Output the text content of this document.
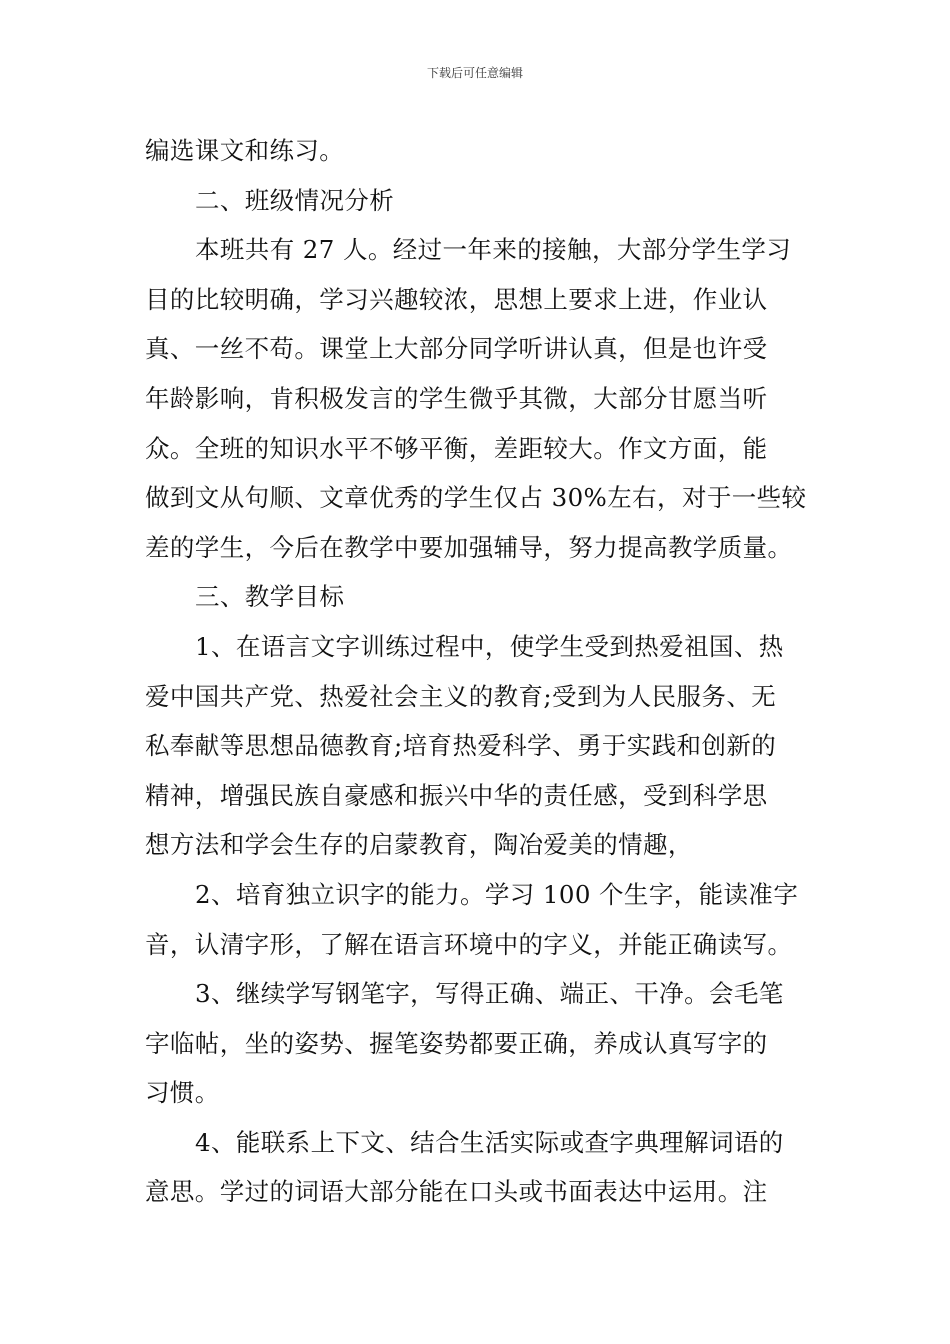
下载后可任意编辑
编选课文和练习。
二、班级情况分析
本班共有 27 人。经过一年来的接触，大部分学生学习
目的比较明确，学习兴趣较浓，思想上要求上进，作业认
真、一丝不苟。课堂上大部分同学听讲认真，但是也许受
年龄影响，肯积极发言的学生微乎其微，大部分甘愿当听
众。全班的知识水平不够平衡，差距较大。作文方面，能
做到文从句顺、文章优秀的学生仅占 30%左右，对于一些较
差的学生，今后在教学中要加强辅导，努力提高教学质量。
三、教学目标
1、在语言文字训练过程中，使学生受到热爱祖国、热
爱中国共产党、热爱社会主义的教育;受到为人民服务、无
私奉献等思想品德教育;培育热爱科学、勇于实践和创新的
精神，增强民族自豪感和振兴中华的责任感，受到科学思
想方法和学会生存的启蒙教育，陶冶爱美的情趣，
2、培育独立识字的能力。学习 100 个生字，能读准字
音，认清字形，了解在语言环境中的字义，并能正确读写。
3、继续学写钢笔字，写得正确、端正、干净。会毛笔
字临帖，坐的姿势、握笔姿势都要正确，养成认真写字的
习惯。
4、能联系上下文、结合生活实际或查字典理解词语的
意思。学过的词语大部分能在口头或书面表达中运用。注
